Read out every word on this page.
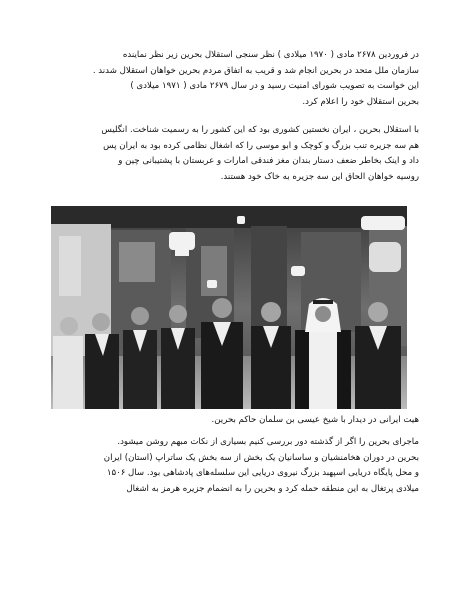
در فروردین ۲۶۷۸ مادی ( ۱۹۷۰ میلادی ) نظر سنجی استقلال بحرین زیر نظر نماینده
سازمان ملل متحد در بحرین انجام شد و قریب به اتفاق مردم بحرین خواهان استقلال شدند .
این خواست به تصویب شورای امنیت رسید و در سال ۲۶۷۹ مادی ( ۱۹۷۱ میلادی )
بحرین استقلال خود را اعلام کرد.

با استقلال بحرین ، ایران نخستین کشوری بود که این کشور را به رسمیت شناخت. انگلیس
هم سه جزیره تنب بزرگ و کوچک و ابو موسی را که اشغال نظامی کرده بود به ایران پس
داد و اینک بخاطر ضعف دستار بندان مغز فندقی امارات و عربستان با پشتیبانی چین و
روسیه خواهان الحاق این سه جزیره به خاک خود هستند.

هیت ایرانی در دیدار با شیخ عیسی بن سلمان حاکم بحرین.

ماجرای بحرین را اگر از گذشته دور بررسی کنیم بسیاری از نکات مبهم روشن میشود.
بحرین در دوران هخامنشیان و ساسانیان یک بخش از سه بخش یک ساتراپ (استان) ایران
و محل پایگاه دریایی اسپهبد بزرگ نیروی دریایی این سلسله‌های پادشاهی بود. سال ۱۵۰۶
میلادی پرتغال به این منطقه حمله کرد و بحرین را به انضمام جزیره هرمز به اشغال
